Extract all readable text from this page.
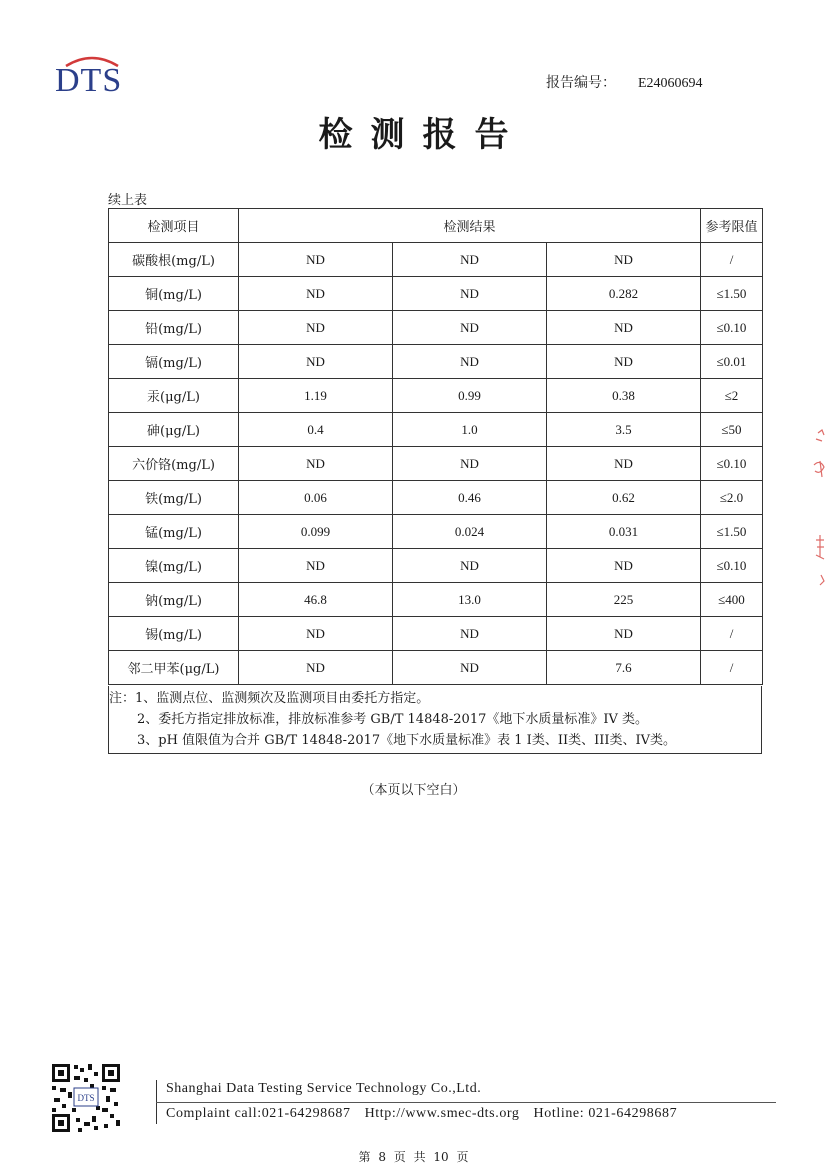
DTS	报告编号： E24060694
检测报告
续上表
检测项目	检测结果			参考限值
碳酸根(mg/L)	ND	ND	ND	/
铜(mg/L)	ND	ND	0.282	≤1.50
铅(mg/L)	ND	ND	ND	≤0.10
镉(mg/L)	ND	ND	ND	≤0.01
汞(μg/L)	1.19	0.99	0.38	≤2
砷(μg/L)	0.4	1.0	3.5	≤50
六价铬(mg/L)	ND	ND	ND	≤0.10
铁(mg/L)	0.06	0.46	0.62	≤2.0
锰(mg/L)	0.099	0.024	0.031	≤1.50
镍(mg/L)	ND	ND	ND	≤0.10
钠(mg/L)	46.8	13.0	225	≤400
锡(mg/L)	ND	ND	ND	/
邻二甲苯(μg/L)	ND	ND	7.6	/
注：1、监测点位、监测频次及监测项目由委托方指定。
2、委托方指定排放标准，排放标准参考 GB/T 14848-2017《地下水质量标准》IV 类。
3、pH 值限值为合并 GB/T 14848-2017《地下水质量标准》表 1 I类、II类、III类、IV类。
（本页以下空白）
DTS
Shanghai Data Testing Service Technology Co.,Ltd.
Complaint call:021-64298687 Http://www.smec-dts.org Hotline: 021-64298687
第 8 页 共 10 页
